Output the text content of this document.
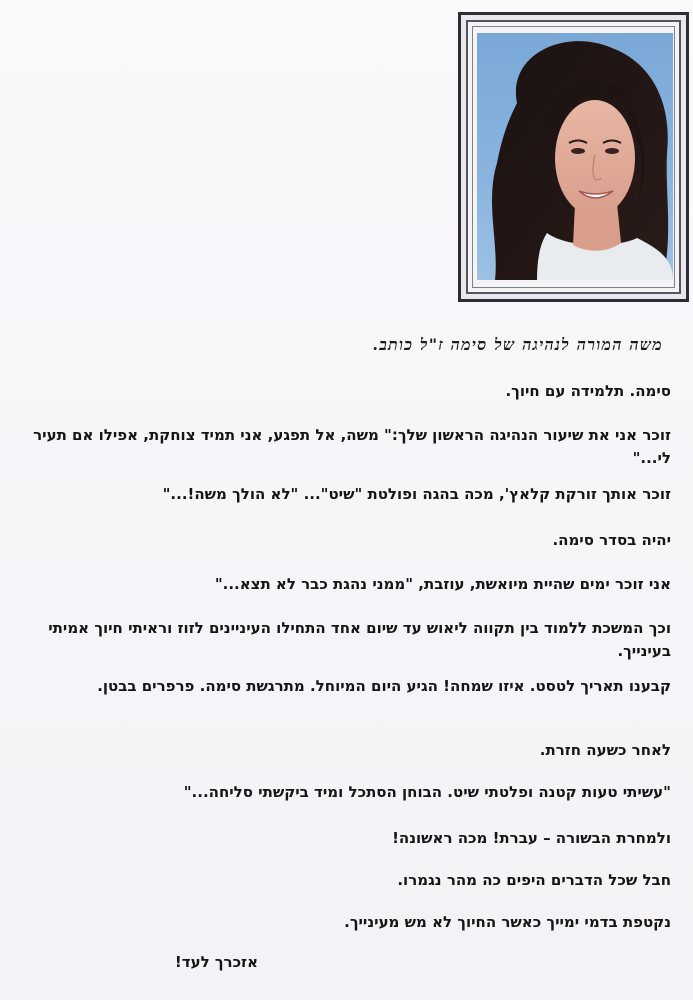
משה המורה לנהיגה של סימה ז"ל כותב.

סימה. תלמידה עם חיוך.

זוכר אני את שיעור הנהיגה הראשון שלך:" משה, אל תפגע, אני תמיד צוחקת, אפילו אם תעיר לי..."

זוכר אותך זורקת קלאץ', מכה בהגה ופולטת "שיט"... "לא הולך משה!..."

יהיה בסדר סימה.

אני זוכר ימים שהיית מיואשת, עוזבת, "ממני נהגת כבר לא תצא..."

וכך המשכת ללמוד בין תקווה ליאוש עד שיום אחד התחילו העיניינים לזוז וראיתי חיוך אמיתי בעינייך.

קבענו תאריך לטסט. איזו שמחה! הגיע היום המיוחל. מתרגשת סימה. פרפרים בבטן.

לאחר כשעה חזרת.

"עשיתי טעות קטנה ופלטתי שיט. הבוחן הסתכל ומיד ביקשתי סליחה..."

ולמחרת הבשורה – עברת! מכה ראשונה!

חבל שכל הדברים היפים כה מהר נגמרו.

נקטפת בדמי ימייך כאשר החיוך לא מש מעינייך.

אזכרך לעד!
